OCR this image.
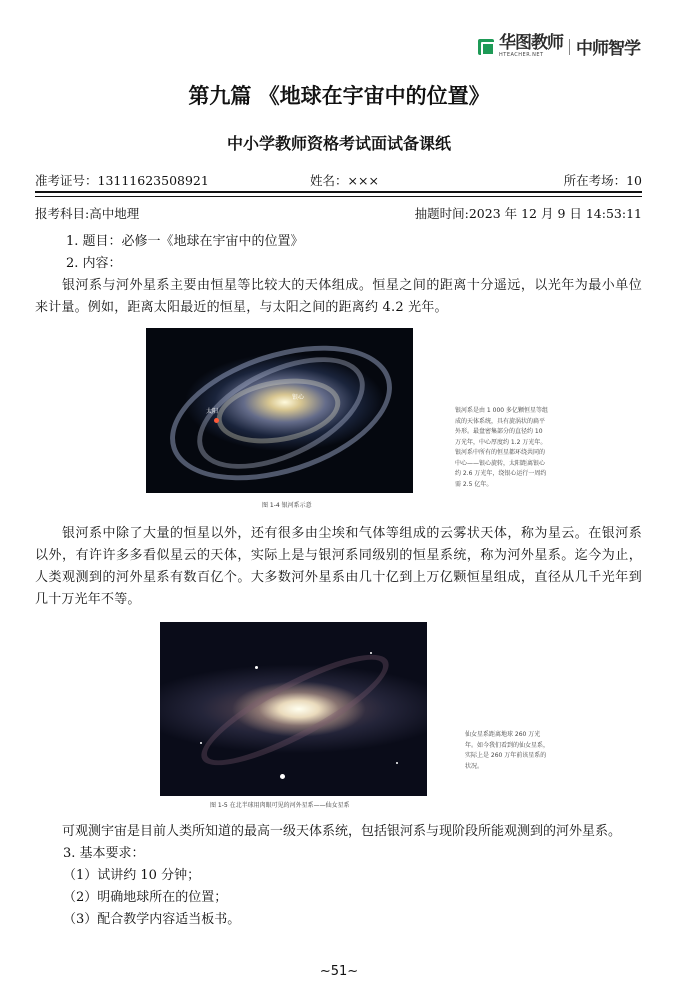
华图教师
HTEACHER.NET	中师智学
第九篇 《地球在宇宙中的位置》
中小学教师资格考试面试备课纸
准考证号：13111623508921	姓名：×××	所在考场：10
报考科目:高中地理	抽题时间:2023 年 12 月 9 日 14:53:11
1. 题目：必修一《地球在宇宙中的位置》
2. 内容：
银河系与河外星系主要由恒星等比较大的天体组成。恒星之间的距离十分遥远，以光年为最小单位来计量。例如，距离太阳最近的恒星，与太阳之间的距离约 4.2 光年。
太阳
银心
银河系是由 1 000 多亿颗恒星等组成的天体系统，具有旋涡状的扁平外形。最盘密集部分的直径约 10 万光年，中心厚度约 1.2 万光年。银河系中所有的恒星都环绕共同的中心——银心旋转，太阳距离银心约 2.6 万光年，绕银心运行一周约需 2.5 亿年。
图 1-4 银河系示意
银河系中除了大量的恒星以外，还有很多由尘埃和气体等组成的云雾状天体，称为星云。在银河系以外，有许许多多看似星云的天体，实际上是与银河系同级别的恒星系统，称为河外星系。迄今为止，人类观测到的河外星系有数百亿个。大多数河外星系由几十亿到上万亿颗恒星组成，直径从几千光年到几十万光年不等。
仙女星系距离地球 260 万光年。如今我们看到的仙女星系，实际上是 260 万年前该星系的状况。
图 1-5 在北半球用肉眼可见的河外星系——仙女星系
可观测宇宙是目前人类所知道的最高一级天体系统，包括银河系与现阶段所能观测到的河外星系。
3. 基本要求：
（1）试讲约 10 分钟；
（2）明确地球所在的位置；
（3）配合教学内容适当板书。
~51~
